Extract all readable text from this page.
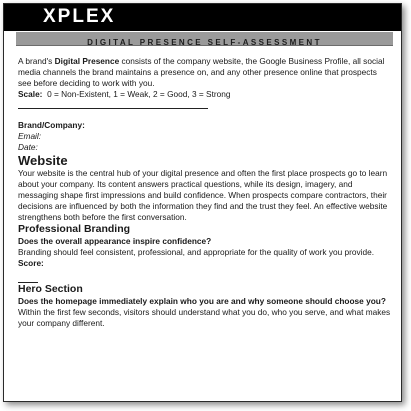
XPLEX
DIGITAL PRESENCE SELF-ASSESSMENT

A brand's Digital Presence consists of the company website, the Google Business Profile, all social media channels the brand maintains a presence on, and any other presence online that prospects see before deciding to work with you.

Scale: 0 = Non-Existent, 1 = Weak, 2 = Good, 3 = Strong

Brand/Company:

Email:

Date:

Website

Your website is the central hub of your digital presence and often the first place prospects go to learn about your company. Its content answers practical questions, while its design, imagery, and messaging shape first impressions and build confidence. When prospects compare contractors, their decisions are influenced by both the information they find and the trust they feel. An effective website strengthens both before the first conversation.

Professional Branding

Does the overall appearance inspire confidence?

Branding should feel consistent, professional, and appropriate for the quality of work you provide.

Score:

Hero Section

Does the homepage immediately explain who you are and why someone should choose you?

Within the first few seconds, visitors should understand what you do, who you serve, and what makes your company different.
